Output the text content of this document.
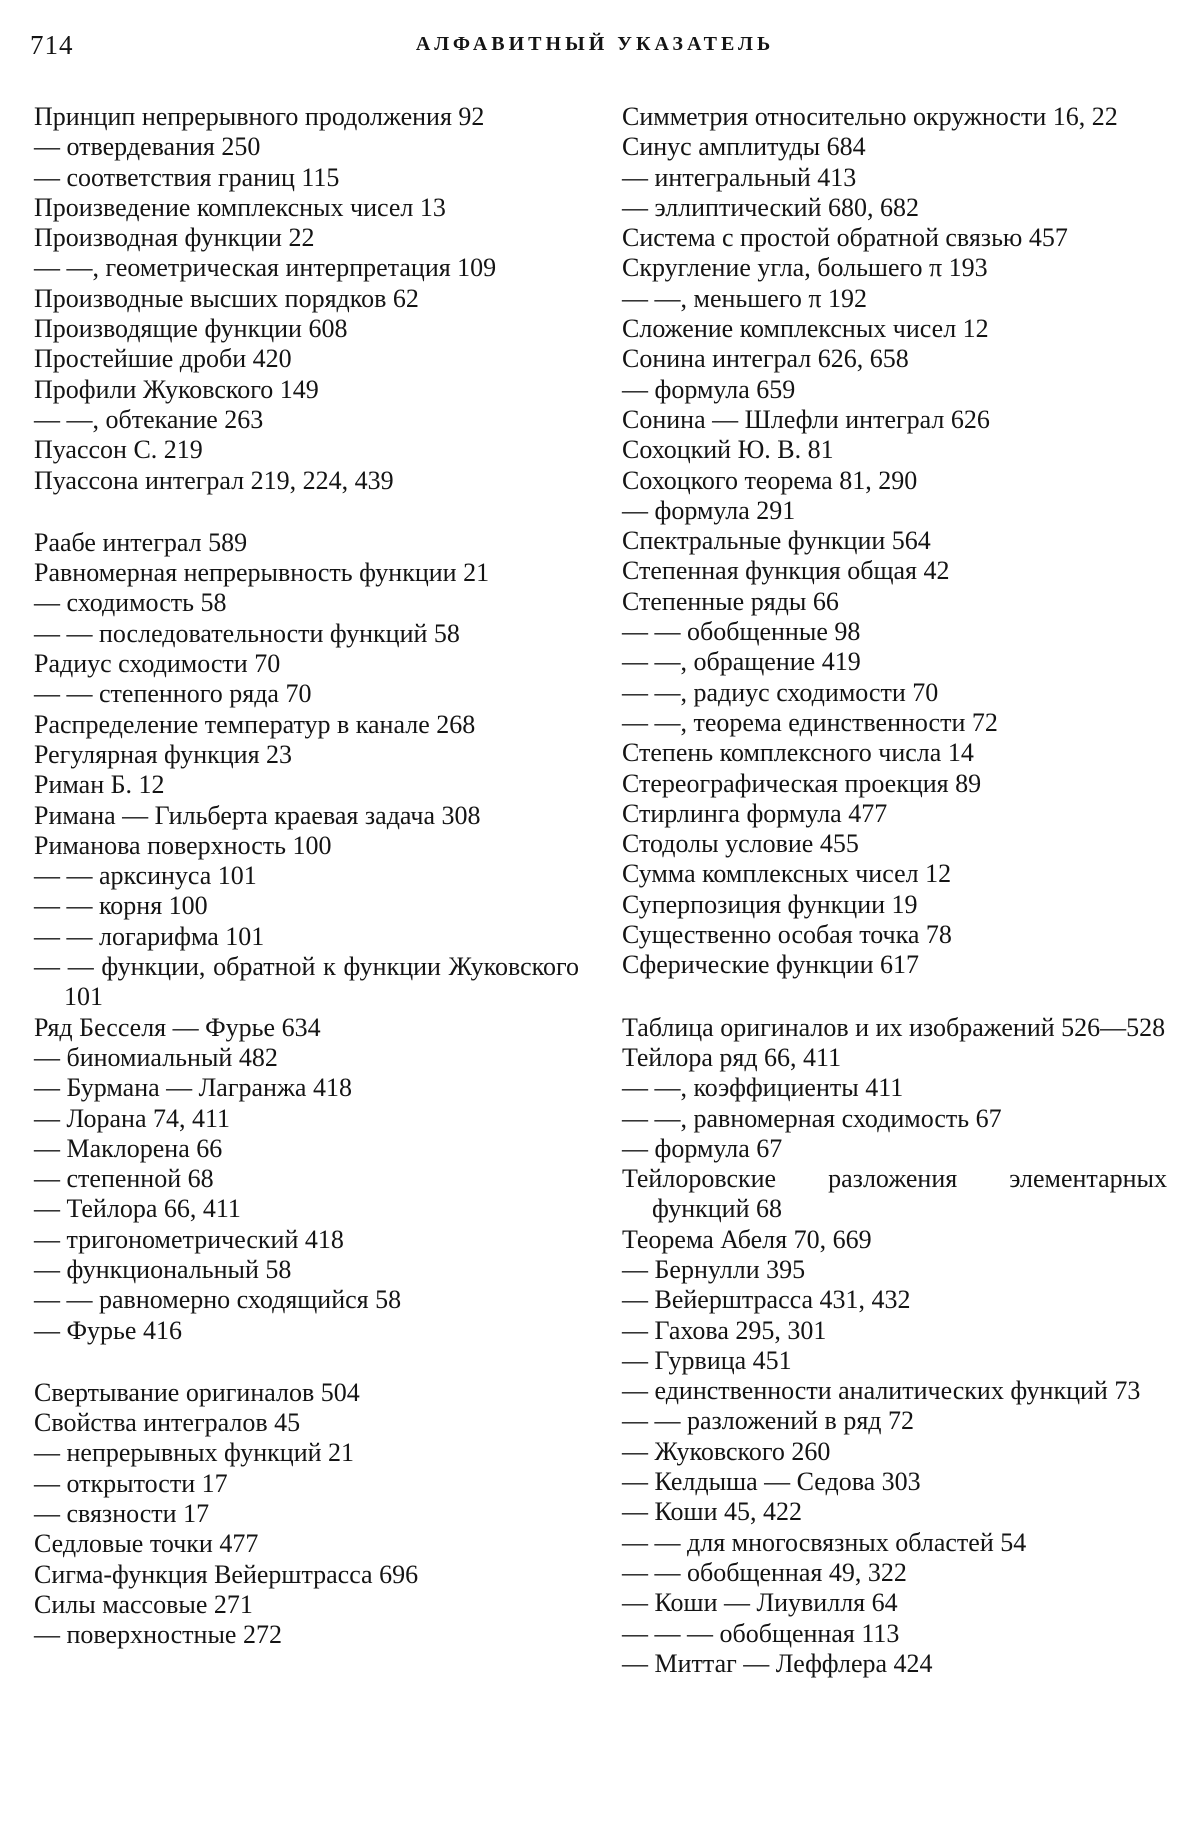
714	АЛФАВИТНЫЙ УКАЗАТЕЛЬ

Принцип непрерывного продолжения 92

— отвердевания 250

— соответствия границ 115

Произведение комплексных чисел 13

Производная функции 22

— —, геометрическая интерпретация 109

Производные высших порядков 62

Производящие функции 608

Простейшие дроби 420

Профили Жуковского 149

— —, обтекание 263

Пуассон С. 219

Пуассона интеграл 219, 224, 439

Раабе интеграл 589

Равномерная непрерывность функции 21

— сходимость 58

— — последовательности функций 58

Радиус сходимости 70

— — степенного ряда 70

Распределение температур в канале 268

Регулярная функция 23

Риман Б. 12

Римана — Гильберта краевая задача 308

Риманова поверхность 100

— — арксинуса 101

— — корня 100

— — логарифма 101

— — функции, обратной к функции Жуковского 101

Ряд Бесселя — Фурье 634

— биномиальный 482

— Бурмана — Лагранжа 418

— Лорана 74, 411

— Маклорена 66

— степенной 68

— Тейлора 66, 411

— тригонометрический 418

— функциональный 58

— — равномерно сходящийся 58

— Фурье 416

Свертывание оригиналов 504

Свойства интегралов 45

— непрерывных функций 21

— открытости 17

— связности 17

Седловые точки 477

Сигма-функция Вейерштрасса 696

Силы массовые 271

— поверхностные 272

Симметрия относительно окружности 16, 22

Синус амплитуды 684

— интегральный 413

— эллиптический 680, 682

Система с простой обратной связью 457

Скругление угла, большего π 193

— —, меньшего π 192

Сложение комплексных чисел 12

Сонина интеграл 626, 658

— формула 659

Сонина — Шлефли интеграл 626

Сохоцкий Ю. В. 81

Сохоцкого теорема 81, 290

— формула 291

Спектральные функции 564

Степенная функция общая 42

Степенные ряды 66

— — обобщенные 98

— —, обращение 419

— —, радиус сходимости 70

— —, теорема единственности 72

Степень комплексного числа 14

Стереографическая проекция 89

Стирлинга формула 477

Стодолы условие 455

Сумма комплексных чисел 12

Суперпозиция функции 19

Существенно особая точка 78

Сферические функции 617

Таблица оригиналов и их изображений 526—528

Тейлора ряд 66, 411

— —, коэффициенты 411

— —, равномерная сходимость 67

— формула 67

Тейлоровские разложения элементарных функций 68

Теорема Абеля 70, 669

— Бернулли 395

— Вейерштрасса 431, 432

— Гахова 295, 301

— Гурвица 451

— единственности аналитических функций 73

— — разложений в ряд 72

— Жуковского 260

— Келдыша — Седова 303

— Коши 45, 422

— — для многосвязных областей 54

— — обобщенная 49, 322

— Коши — Лиувилля 64

— — — обобщенная 113

— Миттаг — Леффлера 424
